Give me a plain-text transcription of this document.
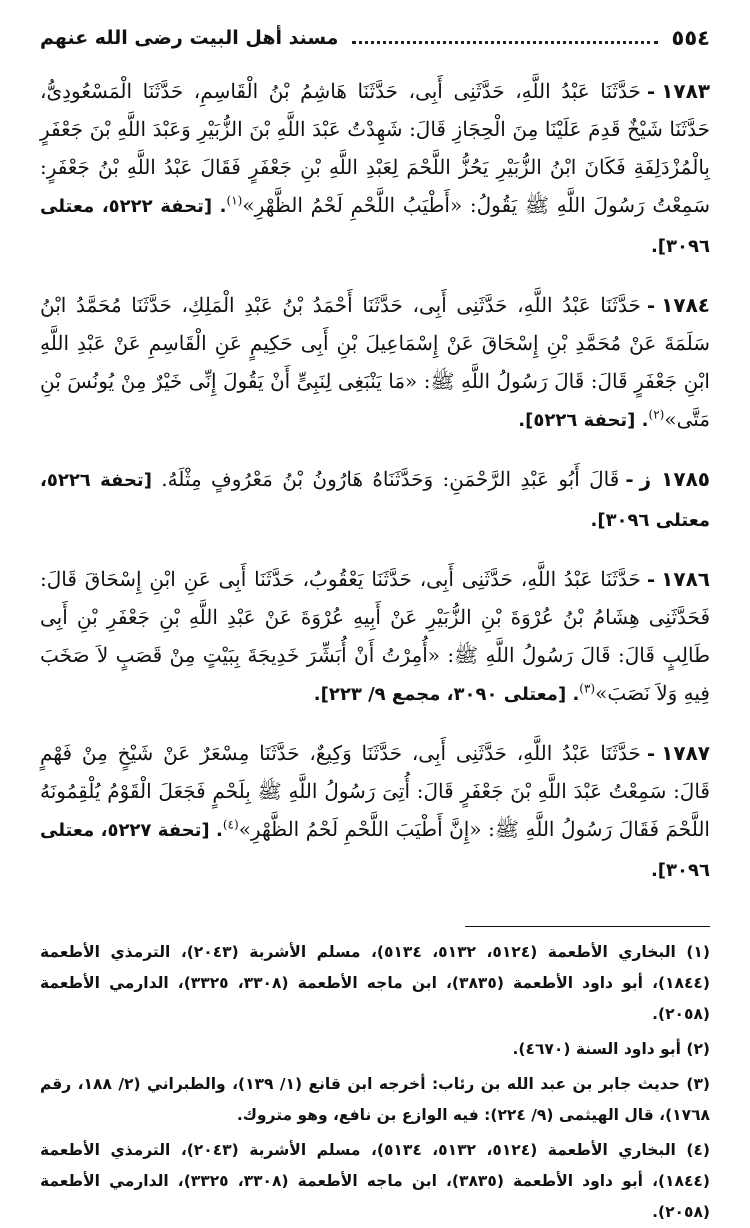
٥٥٤
مسند أهل البيت رضى الله عنهم

١٧٨٣-حَدَّثَنَا عَبْدُ اللَّهِ، حَدَّثَنِى أَبِى، حَدَّثَنَا هَاشِمُ بْنُ الْقَاسِمِ، حَدَّثَنَا الْمَسْعُودِىُّ، حَدَّثَنَا شَيْخٌ قَدِمَ عَلَيْنَا مِنَ الْحِجَازِ قَالَ: شَهِدْتُ عَبْدَ اللَّهِ بْنَ الزُّبَيْرِ وَعَبْدَ اللَّهِ بْنَ جَعْفَرٍ بِالْمُزْدَلِفَةِ فَكَانَ ابْنُ الزُّبَيْرِ يَحُزُّ اللَّحْمَ لِعَبْدِ اللَّهِ بْنِ جَعْفَرٍ فَقَالَ عَبْدُ اللَّهِ بْنُ جَعْفَرٍ: سَمِعْتُ رَسُولَ اللَّهِ ﷺ يَقُولُ: «أَطْيَبُ اللَّحْمِ لَحْمُ الظَّهْرِ»$^{(١)}$. [تحفة ٥٢٢٢، معتلى ٣٠٩٦].

١٧٨٤-حَدَّثَنَا عَبْدُ اللَّهِ، حَدَّثَنِى أَبِى، حَدَّثَنَا أَحْمَدُ بْنُ عَبْدِ الْمَلِكِ، حَدَّثَنَا مُحَمَّدُ ابْنُ سَلَمَةَ عَنْ مُحَمَّدِ بْنِ إِسْحَاقَ عَنْ إِسْمَاعِيلَ بْنِ أَبِى حَكِيمٍ عَنِ الْقَاسِمِ عَنْ عَبْدِ اللَّهِ ابْنِ جَعْفَرٍ قَالَ: قَالَ رَسُولُ اللَّهِ ﷺ: «مَا يَنْبَغِى لِنَبِىٍّ أَنْ يَقُولَ إِنِّى خَيْرٌ مِنْ يُونُسَ بْنِ مَتَّى»$^{(٢)}$. [تحفة ٥٢٢٦].

١٧٨٥ ز-قَالَ أَبُو عَبْدِ الرَّحْمَنِ: وَحَدَّثَنَاهُ هَارُونُ بْنُ مَعْرُوفٍ مِثْلَهُ. [تحفة ٥٢٢٦، معتلى ٣٠٩٦].

١٧٨٦-حَدَّثَنَا عَبْدُ اللَّهِ، حَدَّثَنِى أَبِى، حَدَّثَنَا يَعْقُوبُ، حَدَّثَنَا أَبِى عَنِ ابْنِ إِسْحَاقَ قَالَ: فَحَدَّثَنِى هِشَامُ بْنُ عُرْوَةَ بْنِ الزُّبَيْرِ عَنْ أَبِيهِ عُرْوَةَ عَنْ عَبْدِ اللَّهِ بْنِ جَعْفَرِ بْنِ أَبِى طَالِبٍ قَالَ: قَالَ رَسُولُ اللَّهِ ﷺ: «أُمِرْتُ أَنْ أُبَشِّرَ خَدِيجَةَ بِبَيْتٍ مِنْ قَصَبٍ لاَ صَخَبَ فِيهِ وَلاَ نَصَبَ»$^{(٣)}$. [معتلى ٣٠٩٠، مجمع ٩/ ٢٢٣].

١٧٨٧-حَدَّثَنَا عَبْدُ اللَّهِ، حَدَّثَنِى أَبِى، حَدَّثَنَا وَكِيعٌ، حَدَّثَنَا مِسْعَرٌ عَنْ شَيْخٍ مِنْ فَهْمٍ قَالَ: سَمِعْتُ عَبْدَ اللَّهِ بْنَ جَعْفَرٍ قَالَ: أُتِىَ رَسُولُ اللَّهِ ﷺ بِلَحْمٍ فَجَعَلَ الْقَوْمُ يُلْقِمُونَهُ اللَّحْمَ فَقَالَ رَسُولُ اللَّهِ ﷺ: «إِنَّ أَطْيَبَ اللَّحْمِ لَحْمُ الظَّهْرِ»$^{(٤)}$. [تحفة ٥٢٢٧، معتلى ٣٠٩٦].

(١) البخاري الأطعمة (٥١٢٤، ٥١٣٢، ٥١٣٤)، مسلم الأشربة (٢٠٤٣)، الترمذي الأطعمة (١٨٤٤)، أبو داود الأطعمة (٣٨٣٥)، ابن ماجه الأطعمة (٣٣٠٨، ٣٣٢٥)، الدارمي الأطعمة (٢٠٥٨).

(٢) أبو داود السنة (٤٦٧٠).

(٣) حديث جابر بن عبد الله بن رئاب: أخرجه ابن قانع (١/ ١٣٩)، والطبراني (٢/ ١٨٨، رقم ١٧٦٨)، قال الهيثمى (٩/ ٢٢٤): فيه الوازع بن نافع، وهو متروك.

(٤) البخاري الأطعمة (٥١٢٤، ٥١٣٢، ٥١٣٤)، مسلم الأشربة (٢٠٤٣)، الترمذي الأطعمة (١٨٤٤)، أبو داود الأطعمة (٣٨٣٥)، ابن ماجه الأطعمة (٣٣٠٨، ٣٣٢٥)، الدارمي الأطعمة (٢٠٥٨).
